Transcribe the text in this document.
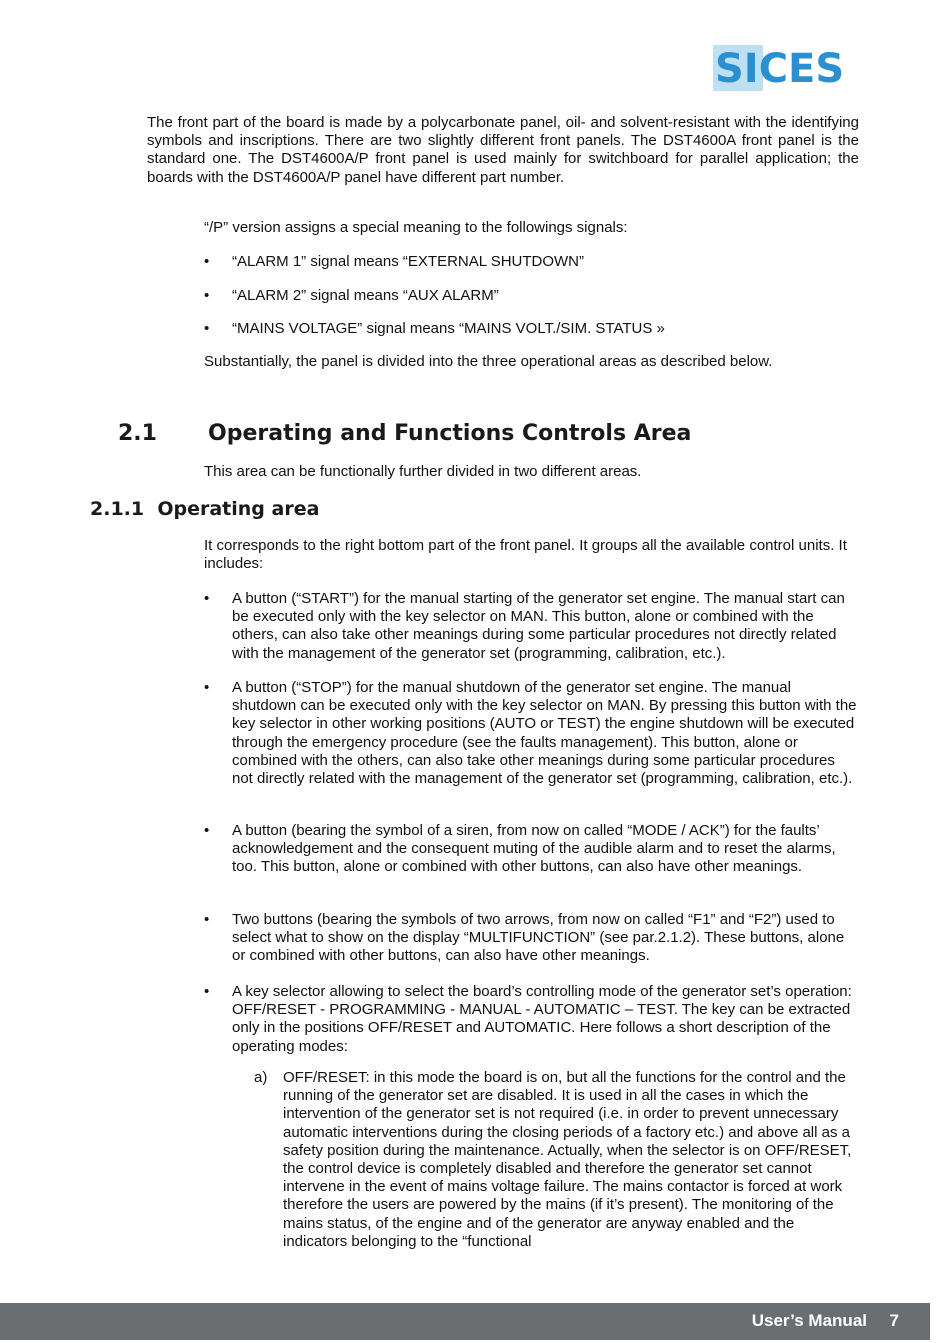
SICES
The front part of the board is made by a polycarbonate panel, oil- and solvent-resistant with the identifying symbols and inscriptions. There are two slightly different front panels. The DST4600A front panel is the standard one. The DST4600A/P front panel is used mainly for switchboard for parallel application; the boards with the DST4600A/P panel have different part number.

“/P” version assigns a special meaning to the followings signals:

•	“ALARM 1” signal means “EXTERNAL SHUTDOWN”
•	“ALARM 2” signal means “AUX ALARM”
•	“MAINS VOLTAGE” signal means “MAINS VOLT./SIM. STATUS »

Substantially, the panel is divided into the three operational areas as described below.

2.1 Operating and Functions Controls Area

This area can be functionally further divided in two different areas.

2.1.1 Operating area

It corresponds to the right bottom part of the front panel. It groups all the available control units. It includes:

•	A button (“START”) for the manual starting of the generator set engine. The manual start can be executed only with the key selector on MAN. This button, alone or combined with the others, can also take other meanings during some particular procedures not directly related with the management of the generator set (programming, calibration, etc.).
•	A button (“STOP”) for the manual shutdown of the generator set engine. The manual shutdown can be executed only with the key selector on MAN. By pressing this button with the key selector in other working positions (AUTO or TEST) the engine shutdown will be executed through the emergency procedure (see the faults management). This button, alone or combined with the others, can also take other meanings during some particular procedures not directly related with the management of the generator set (programming, calibration, etc.).
•	A button (bearing the symbol of a siren, from now on called “MODE / ACK”) for the faults’ acknowledgement and the consequent muting of the audible alarm and to reset the alarms, too. This button, alone or combined with other buttons, can also have other meanings.
•	Two buttons (bearing the symbols of two arrows, from now on called “F1” and “F2”) used to select what to show on the display “MULTIFUNCTION” (see par.2.1.2). These buttons, alone or combined with other buttons, can also have other meanings.
•	A key selector allowing to select the board’s controlling mode of the generator set’s operation: OFF/RESET - PROGRAMMING - MANUAL - AUTOMATIC – TEST. The key can be extracted only in the positions OFF/RESET and AUTOMATIC. Here follows a short description of the operating modes:
a) OFF/RESET: in this mode the board is on, but all the functions for the control and the running of the generator set are disabled. It is used in all the cases in which the intervention of the generator set is not required (i.e. in order to prevent unnecessary automatic interventions during the closing periods of a factory etc.) and above all as a safety position during the maintenance. Actually, when the selector is on OFF/RESET, the control device is completely disabled and therefore the generator set cannot intervene in the event of mains voltage failure. The mains contactor is forced at work therefore the users are powered by the mains (if it’s present). The monitoring of the mains status, of the engine and of the generator are anyway enabled and the indicators belonging to the “functional
User’s Manual 7
